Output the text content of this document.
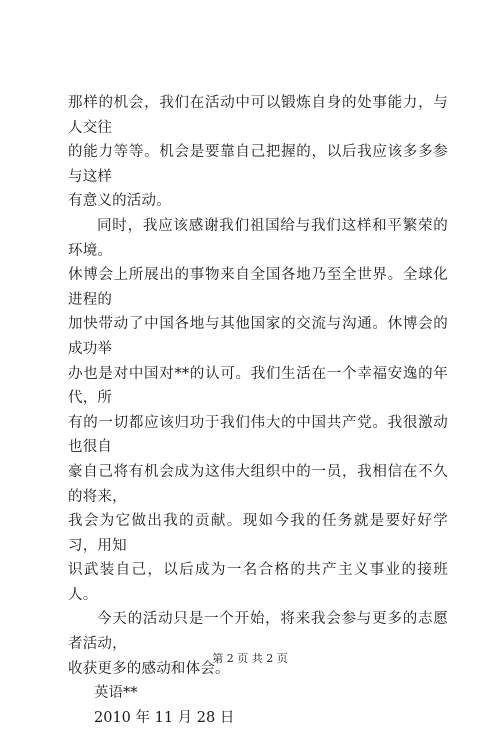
那样的机会，我们在活动中可以锻炼自身的处事能力，与人交往
的能力等等。机会是要靠自己把握的，以后我应该多多参与这样
有意义的活动。

同时，我应该感谢我们祖国给与我们这样和平繁荣的环境。
休博会上所展出的事物来自全国各地乃至全世界。全球化进程的
加快带动了中国各地与其他国家的交流与沟通。休博会的成功举
办也是对中国对**的认可。我们生活在一个幸福安逸的年代，所
有的一切都应该归功于我们伟大的中国共产党。我很激动也很自
豪自己将有机会成为这伟大组织中的一员，我相信在不久的将来，
我会为它做出我的贡献。现如今我的任务就是要好好学习，用知
识武装自己，以后成为一名合格的共产主义事业的接班人。

今天的活动只是一个开始，将来我会参与更多的志愿者活动，
收获更多的感动和体会。

英语**

2010 年 11 月 28 日

第 2 页 共 2 页
